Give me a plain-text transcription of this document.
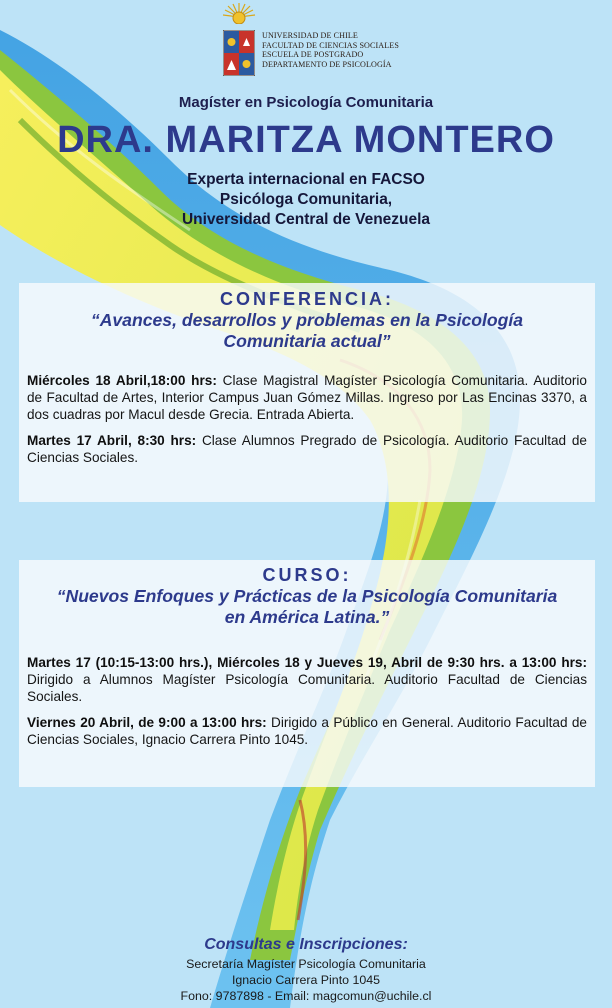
UNIVERSIDAD DE CHILE
FACULTAD DE CIENCIAS SOCIALES
ESCUELA DE POSTGRADO
DEPARTAMENTO DE PSICOLOGÍA
Magíster en Psicología Comunitaria
DRA. MARITZA MONTERO
Experta internacional en FACSO
Psicóloga Comunitaria,
Universidad Central de Venezuela
CONFERENCIA:
“Avances, desarrollos y problemas en la Psicología Comunitaria actual”

Miércoles 18 Abril,18:00 hrs: Clase Magistral Magíster Psicología Comunitaria. Auditorio de Facultad de Artes, Interior Campus Juan Gómez Millas. Ingreso por Las Encinas 3370, a dos cuadras por Macul desde Grecia. Entrada Abierta.

Martes 17 Abril, 8:30 hrs: Clase Alumnos Pregrado de Psicología. Auditorio Facultad de Ciencias Sociales.

CURSO:
“Nuevos Enfoques y Prácticas de la Psicología Comunitaria en América Latina.”

Martes 17 (10:15-13:00 hrs.), Miércoles 18 y Jueves 19, Abril de 9:30 hrs. a 13:00 hrs: Dirigido a Alumnos Magíster Psicología Comunitaria. Auditorio Facultad de Ciencias Sociales.

Viernes 20 Abril, de 9:00 a 13:00 hrs: Dirigido a Público en General. Auditorio Facultad de Ciencias Sociales, Ignacio Carrera Pinto 1045.

Consultas e Inscripciones:
Secretaría Magíster Psicología Comunitaria
Ignacio Carrera Pinto 1045
Fono: 9787898 - Email: magcomun@uchile.cl
